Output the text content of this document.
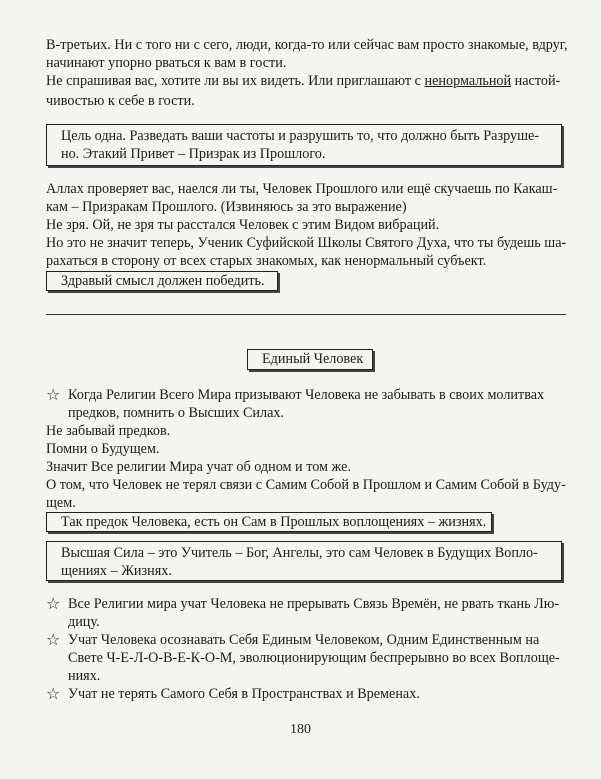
В-третьих. Ни с того ни с сего, люди, когда-то или сейчас вам просто знакомые, вдруг,
начинают упорно рваться к вам в гости.
Не спрашивая вас, хотите ли вы их видеть. Или приглашают с ненормальной настой-
чивостью к себе в гости.
Цель одна. Разведать ваши частоты и разрушить то, что должно быть Разруше-
но. Этакий Привет – Призрак из Прошлого.
Аллах проверяет вас, наелся ли ты, Человек Прошлого или ещё скучаешь по Какаш-
кам – Призракам Прошлого. (Извиняюсь за это выражение)
Не зря. Ой, не зря ты расстался Человек с этим Видом вибраций.
Но это не значит теперь, Ученик Суфийской Школы Святого Духа, что ты будешь ша-
рахаться в сторону от всех старых знакомых, как ненормальный субъект.
Здравый смысл должен победить.
Единый Человек
☆ Когда Религии Всего Мира призывают Человека не забывать в своих молитвах
предков, помнить о Высших Силах.
Не забывай предков.
Помни о Будущем.
Значит Все религии Мира учат об одном и том же.
О том, что Человек не терял связи с Самим Собой в Прошлом и Самим Собой в Буду-
щем.
Так предок Человека, есть он Сам в Прошлых воплощениях – жизнях.
Высшая Сила – это Учитель – Бог, Ангелы, это сам Человек в Будущих Вопло-
щениях – Жизнях.
☆ Все Религии мира учат Человека не прерывать Связь Времён, не рвать ткань Лю-
дицу.
☆ Учат Человека осознавать Себя Единым Человеком, Одним Единственным на
Свете Ч-Е-Л-О-В-Е-К-О-М, эволюционирующим беспрерывно во всех Воплоще-
ниях.
☆ Учат не терять Самого Себя в Пространствах и Временах.
180
